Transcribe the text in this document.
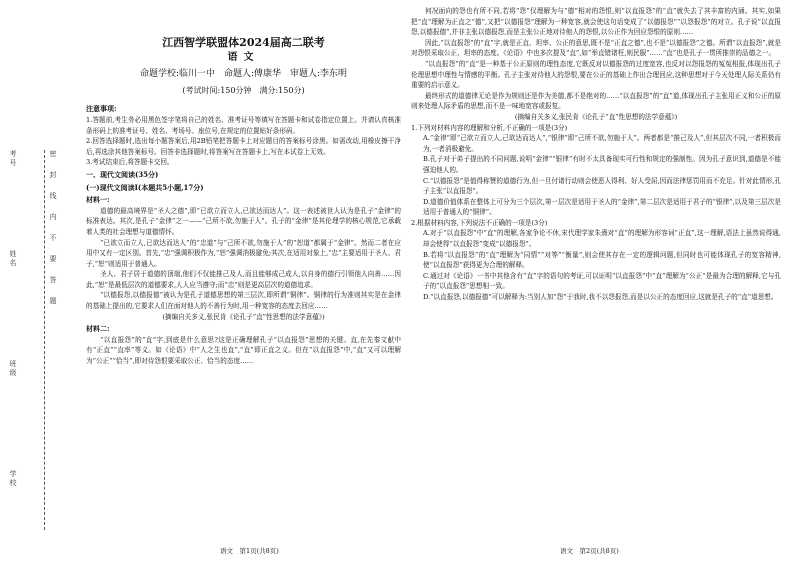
考号
姓名
班级
学校
密封线内不要答题
江西智学联盟体2024届高二联考
语文
命题学校:临川一中　命题人:傅康华　审题人:李东明
(考试时间:150分钟　满分:150分)
注意事项:

1.答题前,考生务必用黑色签字笔将自己的姓名、准考证号等填写在答题卡和试卷指定位置上。并请认真核准条形码上的准考证号、姓名、考场号、座位号,在规定的位置贴好条形码。

2.回答选择题时,选出每小题答案后,用2B铅笔把答题卡上对应题目的答案标号涂黑。如需改动,用橡皮擦干净后,再选涂其他答案标号。回答非选择题时,将答案写在答题卡上,写在本试卷上无效。

3.考试结束后,将答题卡交回。

一、现代文阅读(35分)
(一)现代文阅读Ⅰ(本题共5小题,17分)
材料一:

道德的最高境界是“圣人之德”,即“已欲立而立人,已欲达而达人”。这一表述被世人认为是孔子“金律”的标准表达。其次,是孔子“金律”之一——“己所不欲,勿施于人”。孔子的“金律”是其伦理学的核心规范,它承载着人类的社会理想与道德情怀。

“已欲立而立人,已欲达而达人”的“忠道”与“己所不欲,勿施于人”的“恕道”都属于“金律”。然而二者在应用中又有一定区别。首先,“忠”强调积极作为,“恕”强调消极避免;其次,在适用对象上,“忠”主要适用于圣人、君子,“恕”则适用于普通人。

圣人、君子居于道德的顶端,他们不仅能推己及人,而且能够成己成人,以自身的德行引领他人向善……因此,“恕”是最低层次的道德要求,人人应当遵守;而“忠”则是更高层次的道德追求。

“以德报怨,以德报德”被认为是孔子道德思想的第三层次,即所谓“铜律”。铜律的行为准则其实是在金律的基础上提出的,它要求人们在面对他人的不善行为时,用一种宽容的态度去回应……

(摘编自关多义,张民肯《论孔子“直”性思想的法学意蕴》)

材料二:

“以直报怨”的“直”字,到底是什么意思?这是正确理解孔子“以直报怨”思想的关键。直,在先秦文献中有“正直”“直率”等义。如《论语》中“人之生也直”,“直”即正直之义。但在“以直报怨”中,“直”又可以理解为“公正”“恰当”,即对待怨恨要采取公正、恰当的态度……

何况面向的怨也有所不同,若将“怨”仅理解为与“德”相对的怨恨,则“以直报怨”的“直”就失去了其丰富的内涵。其实,如果把“直”理解为正直之“德”,又把“以德报怨”理解为一种宽容,就会使这句话变成了“以德报怨”“以怨报怨”的对立。孔子说“以直报怨,以德报德”,并非主张以德报怨,而是主张公正地对待他人的怨恨,以公正作为回应怨恨的原则……

因此,“以直报怨”的“直”字,就是正直、坦率、公正的意思,既不是“正直之德”,也不是“以德报怨”之德。所谓“以直报怨”,就是对怨恨采取公正、坦率的态度。《论语》中也多次提及“直”,如“举直错诸枉,则民服”……“直”也是孔子一贯所推崇的品德之一。

“以直报怨”的“直”是一种基于公正原则的理性态度,它既反对以德报怨的过度宽容,也反对以怨报怨的冤冤相报,体现出孔子伦理思想中理性与情感的平衡。孔子主张对待他人的怨恨,要在公正的基础上作出合理回应,这种思想对于今天处理人际关系仍有重要的启示意义。

最终形式的道德律无论是作为规则还是作为美德,都不是绝对的……“以直报怨”的“直”道,体现出孔子主张用正义和公正的原则来处理人际矛盾的思想,而不是一味地宽容或报复。

(摘编自关多义,张民肯《论孔子“直”性思想的法学意蕴》)

1.下列对材料内容的理解和分析,不正确的一项是(3分)

A.“金律”即“己欲立而立人,己欲达而达人”,“银律”即“己所不欲,勿施于人”。两者都是“推己及人”,但其层次不同,一者积极而为,一者消极避免。

B.孔子对于弟子提出的不同问题,说明“金律”“银律”有时不太具备现实可行性和规定的强制性。因为孔子意识到,道德是不能强迫他人的。

C.“以德报怨”是值得称赞的道德行为,但一旦付诸行动则会使恶人得利、好人受屈,因而法律惩罚用而不充足。针对此情形,孔子主张“以直报怨”。

D.道德价值体系在整体上可分为三个层次,第一层次是适用于圣人的“金律”,第二层次是适用于君子的“银律”,以及第三层次是适用于普通人的“铜律”。

2.根据材料内容,下列说法不正确的一项是(3分)

A.对于“以直报怨”中“直”的理解,各家争论不休,宋代理学家朱熹对“直”的理解为形容词“正直”,这一理解,语法上虽然说得通,却会使得“以直报怨”变成“以德报怨”。

B.若将“以直报怨”的“直”理解为“同情”“对等”“衡量”,则会使其存在一定的逻辑问题,但同时也可能体现孔子的宽容精神,使“以直报怨”获得更为合理的解释。

C.通过对《论语》一书中其他含有“直”字的语句的考证,可以证明“以直报怨”中“直”理解为“公正”是最为合理的解释,它与孔子的“以直报怨”思想相一致。

D.“以直报怨,以德报德”可以解释为:当别人加“怨”于我时,我不以怨报怨,而是以公正的态度回应,这就是孔子的“直”道思想。

语文　第1页(共8页)	语文　第2页(共8页)
